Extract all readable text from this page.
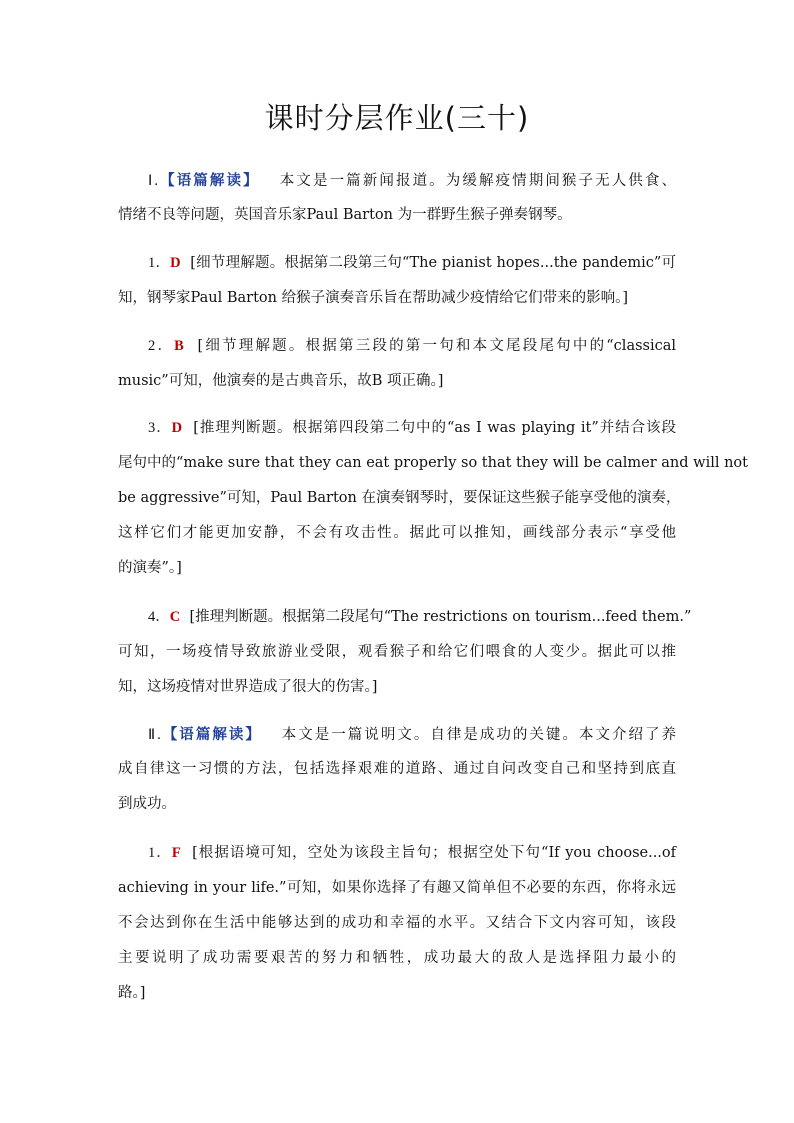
课时分层作业(三十)
Ⅰ.【语篇解读】 本文是一篇新闻报道。为缓解疫情期间猴子无人供食、
情绪不良等问题，英国音乐家Paul Barton 为一群野生猴子弹奏钢琴。
1．D [细节理解题。根据第二段第三句“The pianist hopes...the pandemic”可
知，钢琴家Paul Barton 给猴子演奏音乐旨在帮助减少疫情给它们带来的影响。]
2．B [细节理解题。根据第三段的第一句和本文尾段尾句中的“classical
music”可知，他演奏的是古典音乐，故B 项正确。]
3．D [推理判断题。根据第四段第二句中的“as I was playing it”并结合该段
尾句中的“make sure that they can eat properly so that they will be calmer and will not
be aggressive”可知，Paul Barton 在演奏钢琴时，要保证这些猴子能享受他的演奏，
这样它们才能更加安静，不会有攻击性。据此可以推知，画线部分表示“享受他
的演奏”。]
4．C [推理判断题。根据第二段尾句“The restrictions on tourism...feed them.”
可知，一场疫情导致旅游业受限，观看猴子和给它们喂食的人变少。据此可以推
知，这场疫情对世界造成了很大的伤害。]
Ⅱ.【语篇解读】 本文是一篇说明文。自律是成功的关键。本文介绍了养
成自律这一习惯的方法，包括选择艰难的道路、通过自问改变自己和坚持到底直
到成功。
1．F [根据语境可知，空处为该段主旨句；根据空处下句“If you choose...of
achieving in your life.”可知，如果你选择了有趣又简单但不必要的东西，你将永远
不会达到你在生活中能够达到的成功和幸福的水平。又结合下文内容可知，该段
主要说明了成功需要艰苦的努力和牺牲，成功最大的敌人是选择阻力最小的
路。]
